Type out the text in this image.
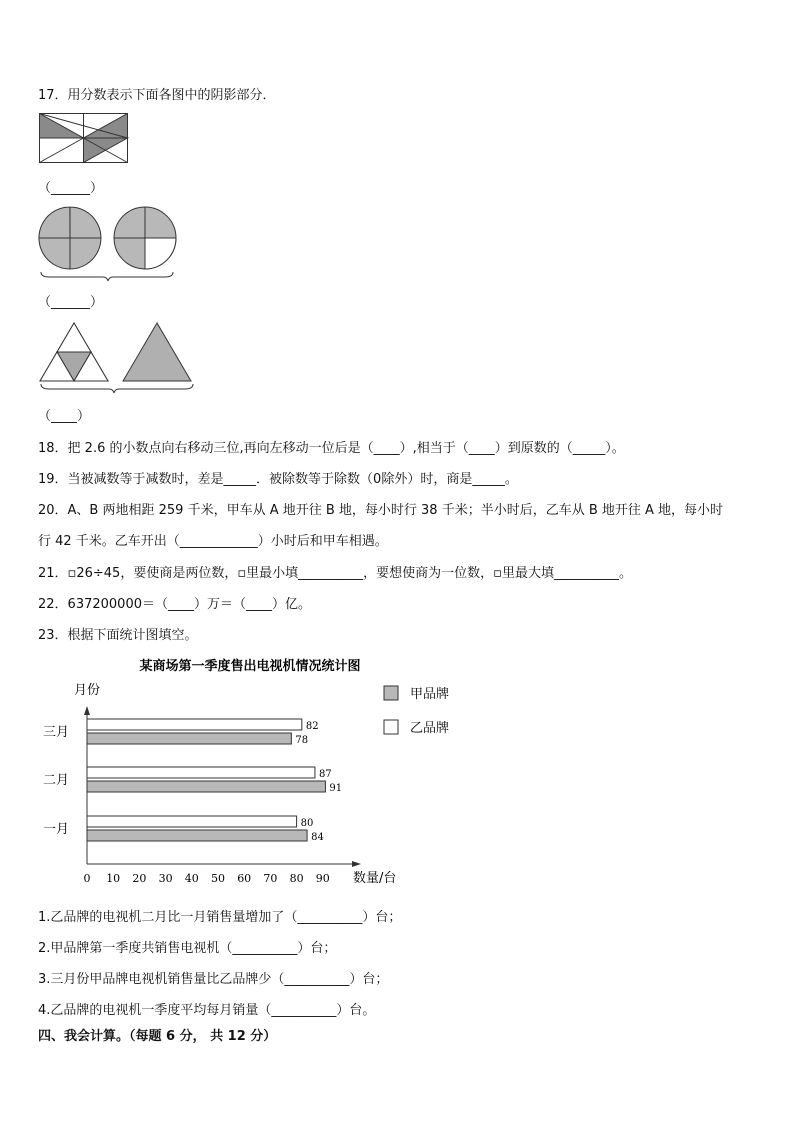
17．用分数表示下面各图中的阴影部分．
（______）
（______）
（____）
18．把 2.6 的小数点向右移动三位,再向左移动一位后是（____）,相当于（____）到原数的（_____）。
19．当被减数等于减数时，差是_____．被除数等于除数（0除外）时，商是_____。
20．A、B 两地相距 259 千米，甲车从 A 地开往 B 地，每小时行 38 千米；半小时后，乙车从 B 地开往 A 地，每小时
行 42 千米。乙车开出（____________）小时后和甲车相遇。
21．▫26÷45，要使商是两位数，▫里最小填__________，要想使商为一位数，▫里最大填__________。
22．637200000＝（____）万＝（____）亿。
23．根据下面统计图填空。
某商场第一季度售出电视机情况统计图
月份
数量/台
0 10 20 30 40 50 60 70 80 90
一月	80
84
二月	87
91
三月	82
78
甲品牌
乙品牌
1.乙品牌的电视机二月比一月销售量增加了（__________）台；
2.甲品牌第一季度共销售电视机（__________）台；
3.三月份甲品牌电视机销售量比乙品牌少（__________）台；
4.乙品牌的电视机一季度平均每月销量（__________）台。
四、我会计算。（每题 6 分， 共 12 分）
